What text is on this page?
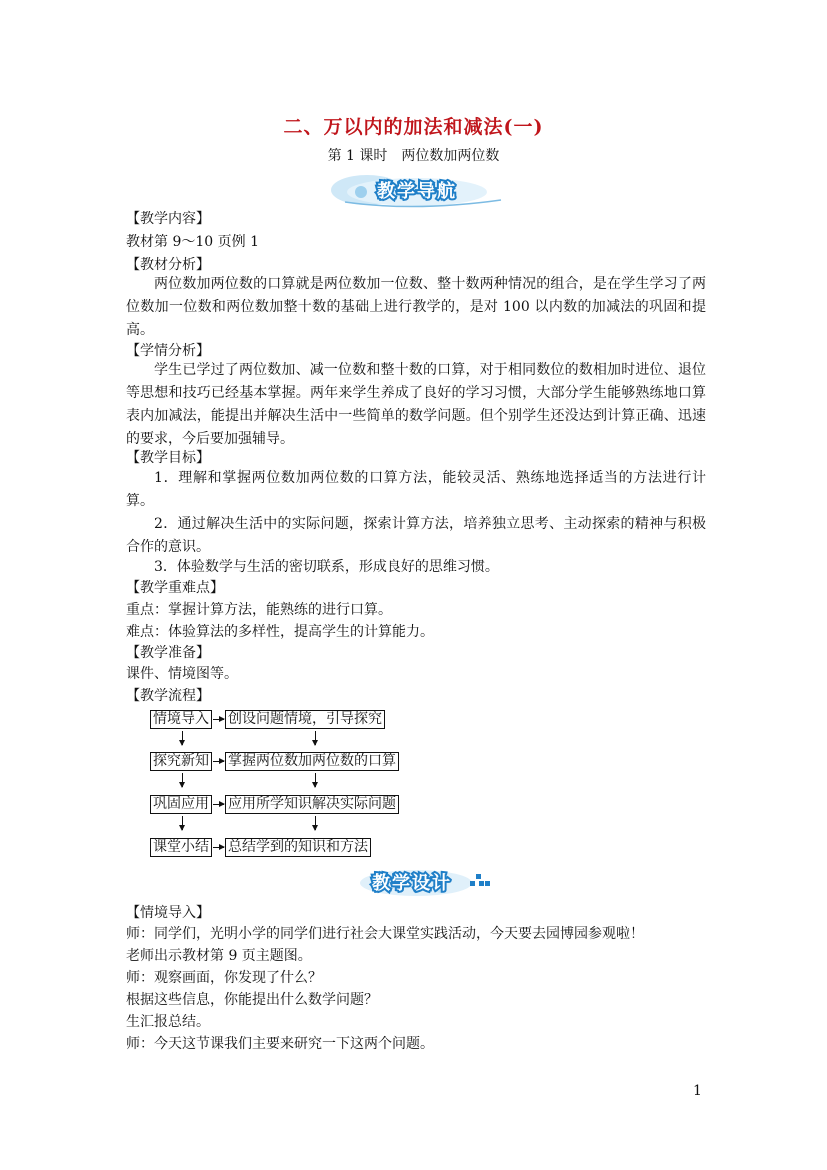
二、万以内的加法和减法(一)
第 1 课时　两位数加两位数
教学导航
【教学内容】
教材第 9～10 页例 1
【教材分析】
两位数加两位数的口算就是两位数加一位数、整十数两种情况的组合，是在学生学习了两位数加一位数和两位数加整十数的基础上进行教学的，是对 100 以内数的加减法的巩固和提高。
【学情分析】
学生已学过了两位数加、减一位数和整十数的口算，对于相同数位的数相加时进位、退位等思想和技巧已经基本掌握。两年来学生养成了良好的学习习惯，大部分学生能够熟练地口算表内加减法，能提出并解决生活中一些简单的数学问题。但个别学生还没达到计算正确、迅速的要求，今后要加强辅导。
【教学目标】
1．理解和掌握两位数加两位数的口算方法，能较灵活、熟练地选择适当的方法进行计算。
2．通过解决生活中的实际问题，探索计算方法，培养独立思考、主动探索的精神与积极合作的意识。
3．体验数学与生活的密切联系，形成良好的思维习惯。
【教学重难点】
重点：掌握计算方法，能熟练的进行口算。
难点：体验算法的多样性，提高学生的计算能力。
【教学准备】
课件、情境图等。
【教学流程】
情境导入 创设问题情境，引导探究
探究新知 掌握两位数加两位数的口算
巩固应用 应用所学知识解决实际问题
课堂小结 总结学到的知识和方法
教学设计
【情境导入】
师：同学们，光明小学的同学们进行社会大课堂实践活动，今天要去园博园参观啦！
老师出示教材第 9 页主题图。
师：观察画面，你发现了什么？
根据这些信息，你能提出什么数学问题？
生汇报总结。
师：今天这节课我们主要来研究一下这两个问题。
1
